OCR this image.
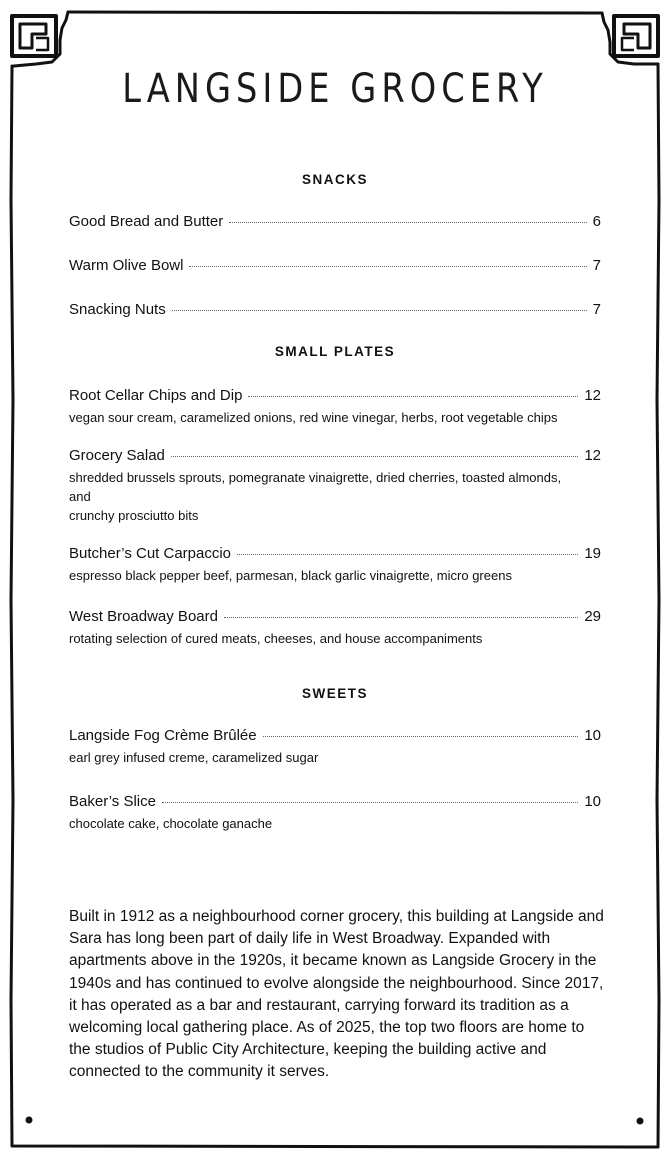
LANGSIDE GROCERY
SNACKS
Good Bread and Butter	6
Warm Olive Bowl	7
Snacking Nuts	7
SMALL PLATES
Root Cellar Chips and Dip	12
vegan sour cream, caramelized onions, red wine vinegar, herbs, root vegetable chips
Grocery Salad	12
shredded brussels sprouts, pomegranate vinaigrette, dried cherries, toasted almonds,
and
crunchy prosciutto bits
Butcher’s Cut Carpaccio	19
espresso black pepper beef, parmesan, black garlic vinaigrette, micro greens
West Broadway Board	29
rotating selection of cured meats, cheeses, and house accompaniments
SWEETS
Langside Fog Crème Brûlée	10
earl grey infused creme, caramelized sugar
Baker’s Slice	10
chocolate cake, chocolate ganache

Built in 1912 as a neighbourhood corner grocery, this building at Langside and Sara has long been part of daily life in West Broadway. Expanded with apartments above in the 1920s, it became known as Langside Grocery in the 1940s and has continued to evolve alongside the neighbourhood. Since 2017, it has operated as a bar and restaurant, carrying forward its tradition as a welcoming local gathering place. As of 2025, the top two floors are home to the studios of Public City Architecture, keeping the building active and connected to the community it serves.
